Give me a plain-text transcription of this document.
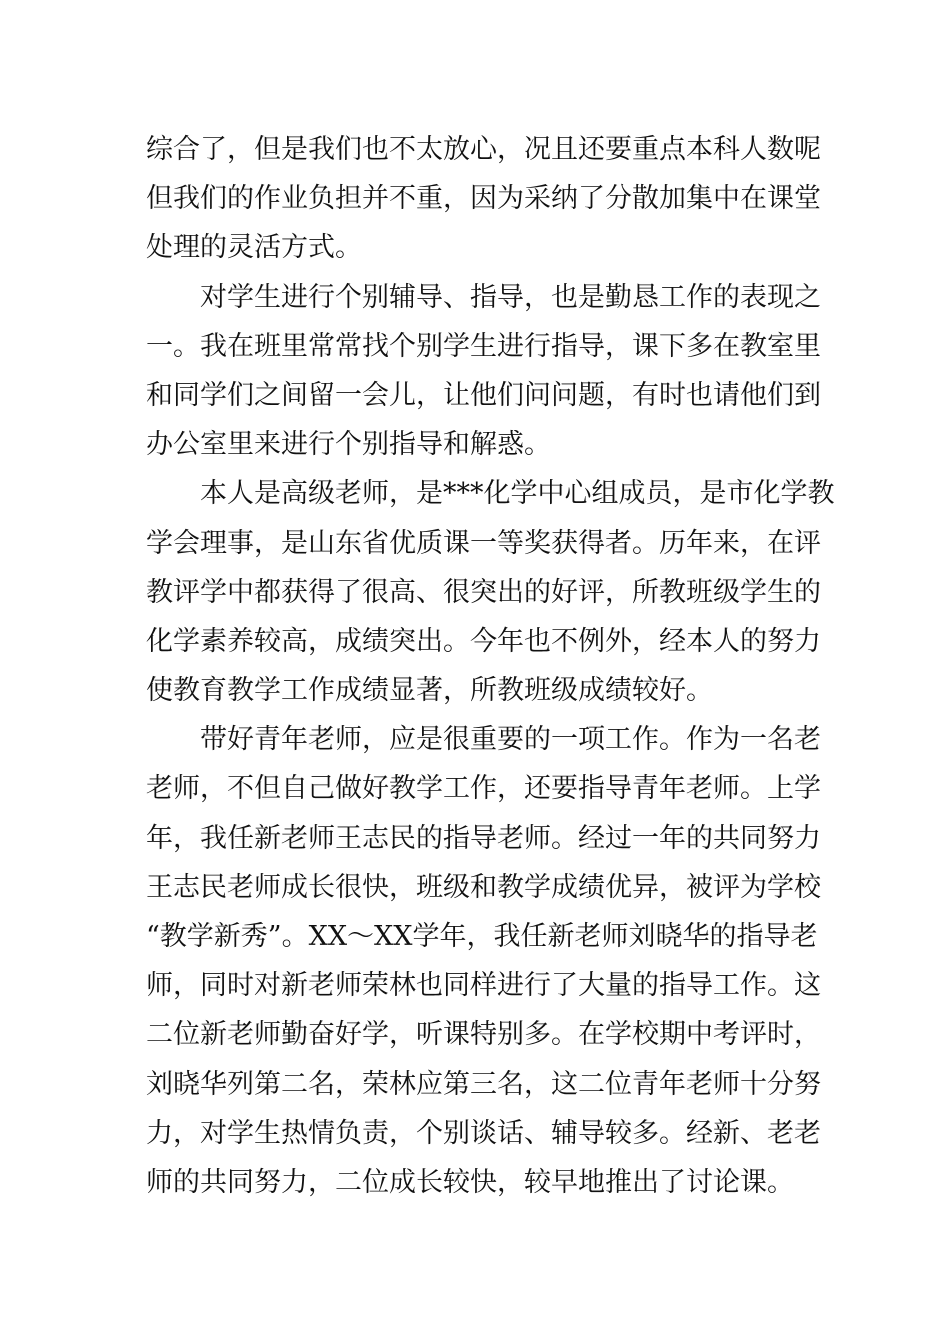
综合了，但是我们也不太放心，况且还要重点本科人数呢
但我们的作业负担并不重，因为采纳了分散加集中在课堂
处理的灵活方式。
对学生进行个别辅导、指导，也是勤恳工作的表现之
一。我在班里常常找个别学生进行指导，课下多在教室里
和同学们之间留一会儿，让他们问问题，有时也请他们到
办公室里来进行个别指导和解惑。
本人是高级老师，是***化学中心组成员，是市化学教
学会理事，是山东省优质课一等奖获得者。历年来，在评
教评学中都获得了很高、很突出的好评，所教班级学生的
化学素养较高，成绩突出。今年也不例外，经本人的努力
使教育教学工作成绩显著，所教班级成绩较好。
带好青年老师，应是很重要的一项工作。作为一名老
老师，不但自己做好教学工作，还要指导青年老师。上学
年，我任新老师王志民的指导老师。经过一年的共同努力
王志民老师成长很快，班级和教学成绩优异，被评为学校
“教学新秀”。XX～XX学年，我任新老师刘晓华的指导老
师，同时对新老师荣林也同样进行了大量的指导工作。这
二位新老师勤奋好学，听课特别多。在学校期中考评时，
刘晓华列第二名，荣林应第三名，这二位青年老师十分努
力，对学生热情负责，个别谈话、辅导较多。经新、老老
师的共同努力，二位成长较快，较早地推出了讨论课。
